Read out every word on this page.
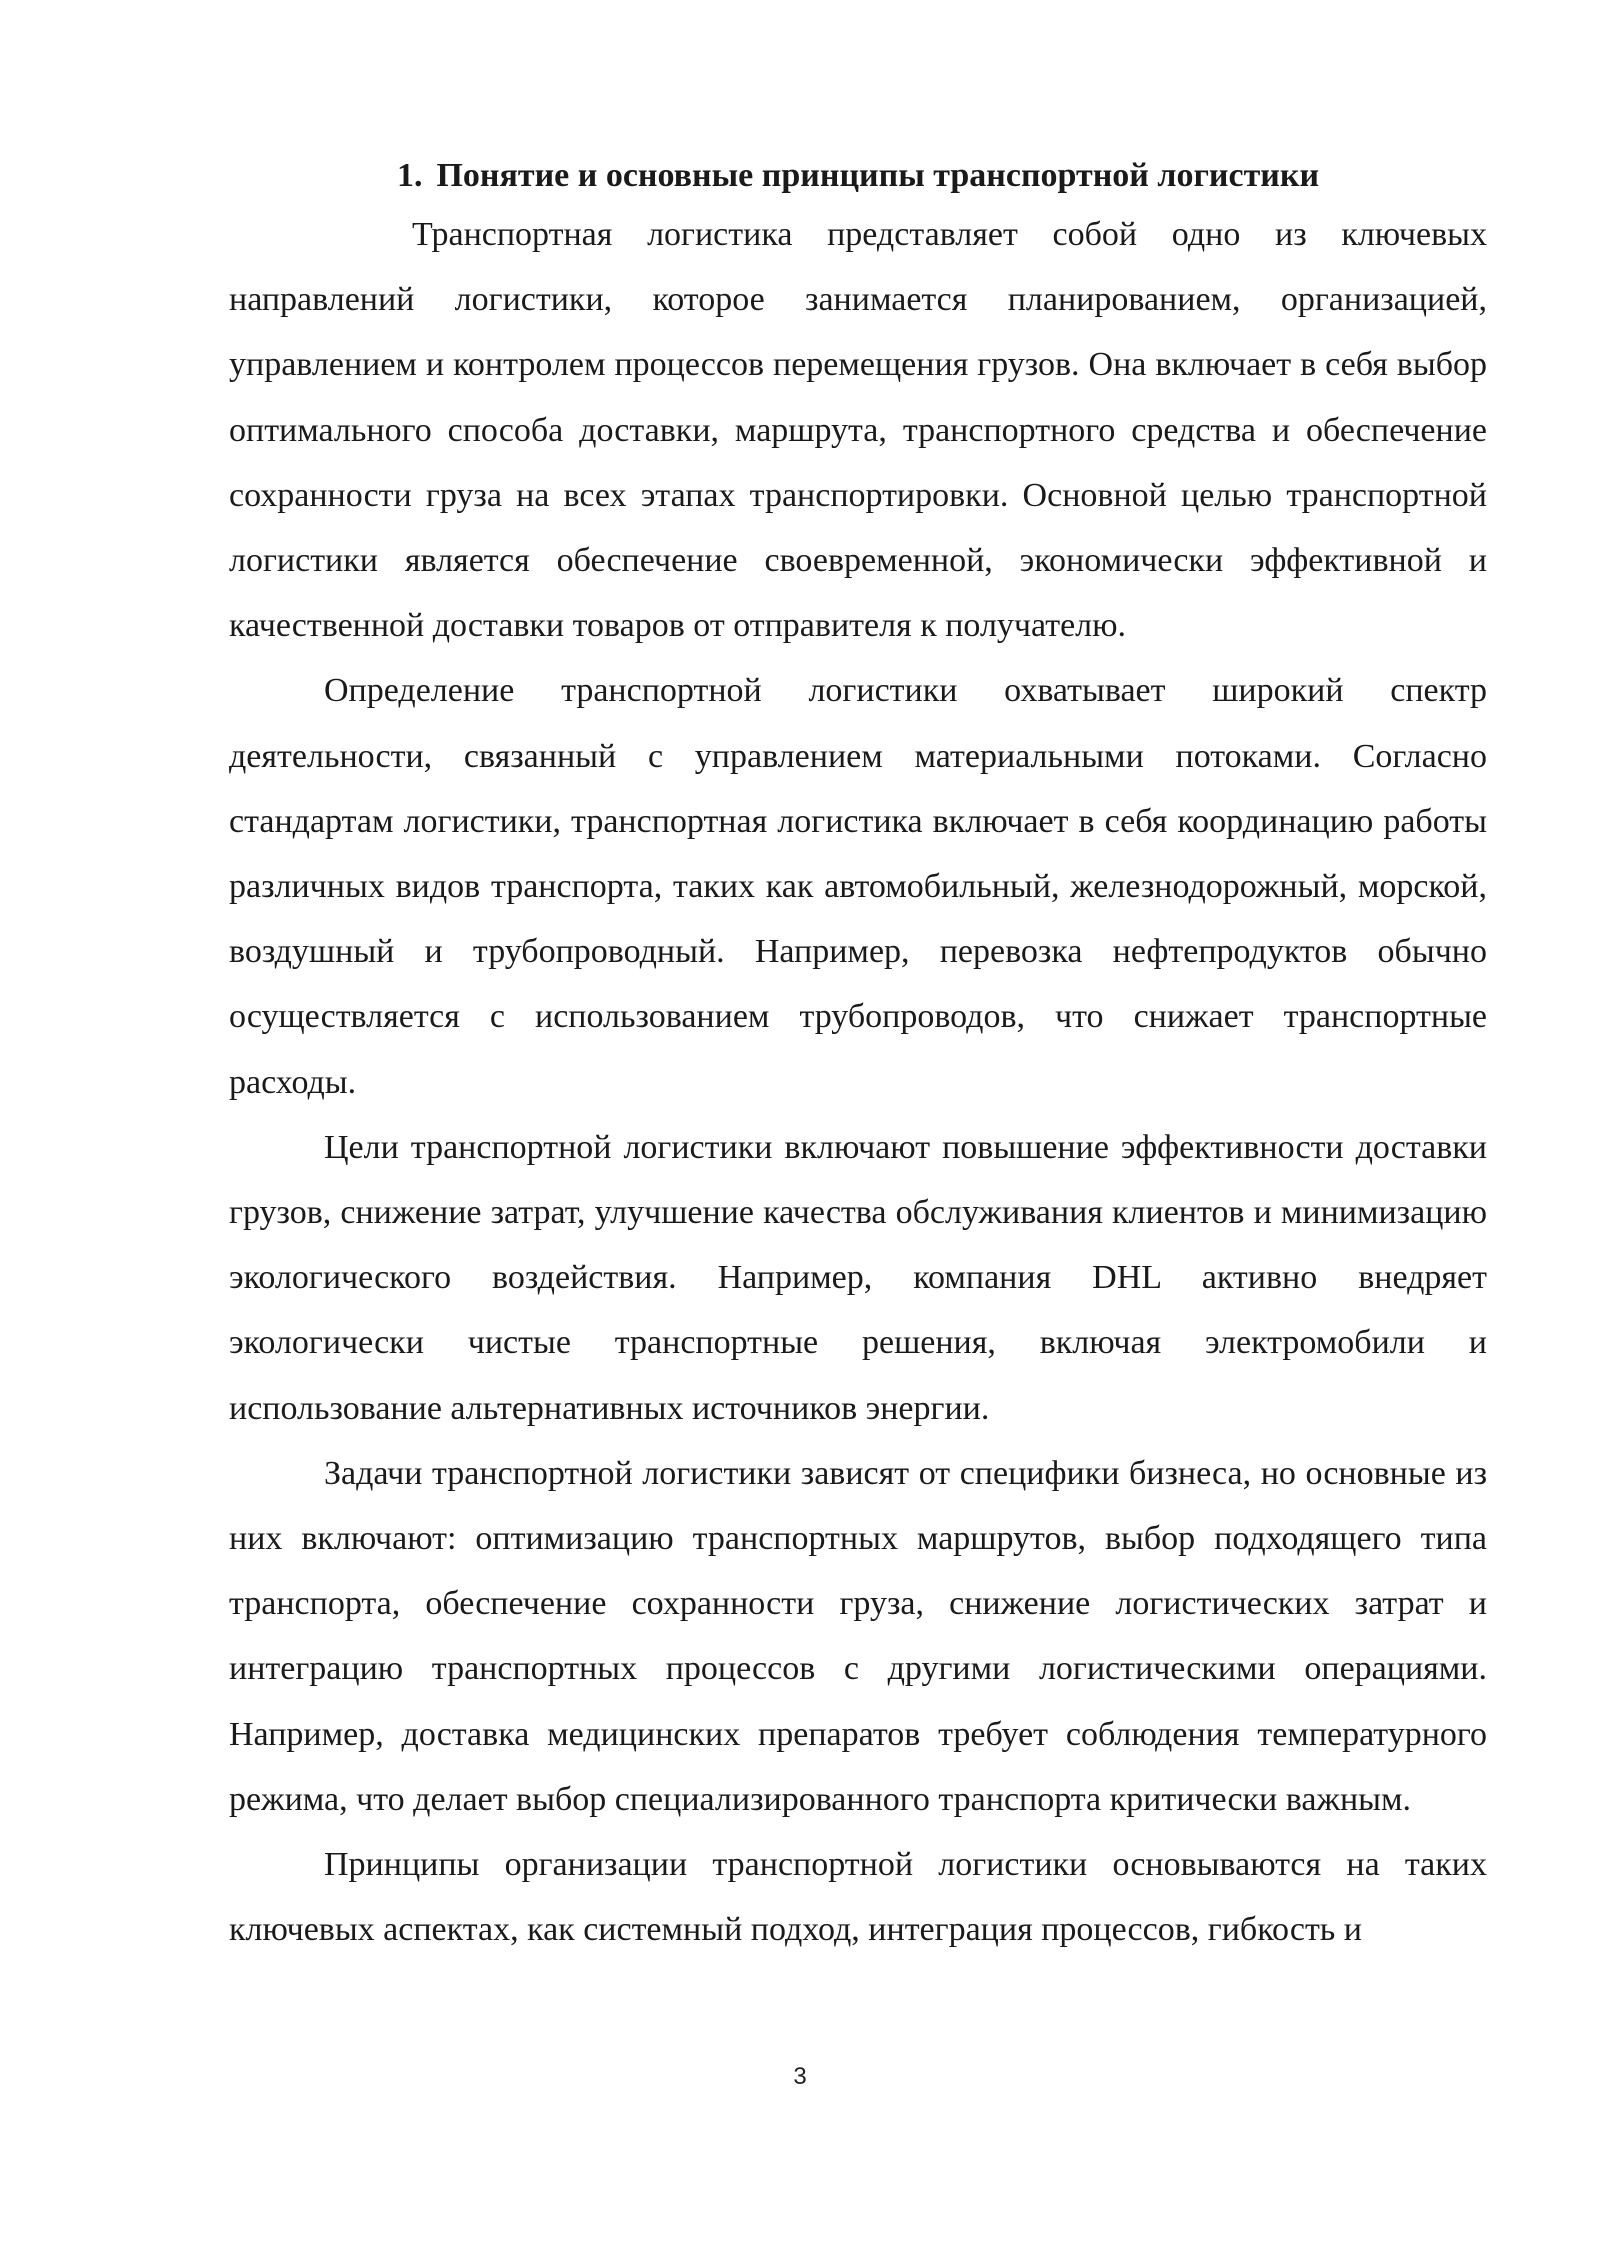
1. Понятие и основные принципы транспортной логистики

Транспортная логистика представляет собой одно из ключевых направлений логистики, которое занимается планированием, организацией, управлением и контролем процессов перемещения грузов. Она включает в себя выбор оптимального способа доставки, маршрута, транспортного средства и обеспечение сохранности груза на всех этапах транспортировки. Основной целью транспортной логистики является обеспечение своевременной, экономически эффективной и качественной доставки товаров от отправителя к получателю.

Определение транспортной логистики охватывает широкий спектр деятельности, связанный с управлением материальными потоками. Согласно стандартам логистики, транспортная логистика включает в себя координацию работы различных видов транспорта, таких как автомобильный, железнодорожный, морской, воздушный и трубопроводный. Например, перевозка нефтепродуктов обычно осуществляется с использованием трубопроводов, что снижает транспортные расходы.

Цели транспортной логистики включают повышение эффективности доставки грузов, снижение затрат, улучшение качества обслуживания клиентов и минимизацию экологического воздействия. Например, компания DHL активно внедряет экологически чистые транспортные решения, включая электромобили и использование альтернативных источников энергии.

Задачи транспортной логистики зависят от специфики бизнеса, но основные из них включают: оптимизацию транспортных маршрутов, выбор подходящего типа транспорта, обеспечение сохранности груза, снижение логистических затрат и интеграцию транспортных процессов с другими логистическими операциями. Например, доставка медицинских препаратов требует соблюдения температурного режима, что делает выбор специализированного транспорта критически важным.

Принципы организации транспортной логистики основываются на таких ключевых аспектах, как системный подход, интеграция процессов, гибкость и

3
